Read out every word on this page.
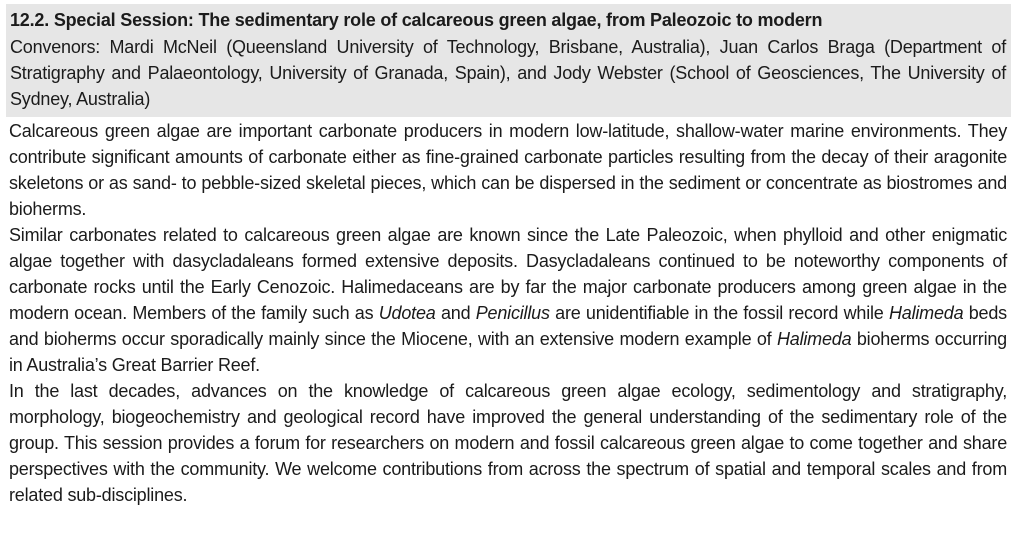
12.2. Special Session: The sedimentary role of calcareous green algae, from Paleozoic to modern

Convenors: Mardi McNeil (Queensland University of Technology, Brisbane, Australia), Juan Carlos Braga (Department of Stratigraphy and Palaeontology, University of Granada, Spain), and Jody Webster (School of Geosciences, The University of Sydney, Australia)

Calcareous green algae are important carbonate producers in modern low-latitude, shallow-water marine environments. They contribute significant amounts of carbonate either as fine-grained carbonate particles resulting from the decay of their aragonite skeletons or as sand- to pebble-sized skeletal pieces, which can be dispersed in the sediment or concentrate as biostromes and bioherms.

Similar carbonates related to calcareous green algae are known since the Late Paleozoic, when phylloid and other enigmatic algae together with dasycladaleans formed extensive deposits. Dasycladaleans continued to be noteworthy components of carbonate rocks until the Early Cenozoic. Halimedaceans are by far the major carbonate producers among green algae in the modern ocean. Members of the family such as Udotea and Penicillus are unidentifiable in the fossil record while Halimeda beds and bioherms occur sporadically mainly since the Miocene, with an extensive modern example of Halimeda bioherms occurring in Australia’s Great Barrier Reef.

In the last decades, advances on the knowledge of calcareous green algae ecology, sedimentology and stratigraphy, morphology, biogeochemistry and geological record have improved the general understanding of the sedimentary role of the group. This session provides a forum for researchers on modern and fossil calcareous green algae to come together and share perspectives with the community. We welcome contributions from across the spectrum of spatial and temporal scales and from related sub-disciplines.
